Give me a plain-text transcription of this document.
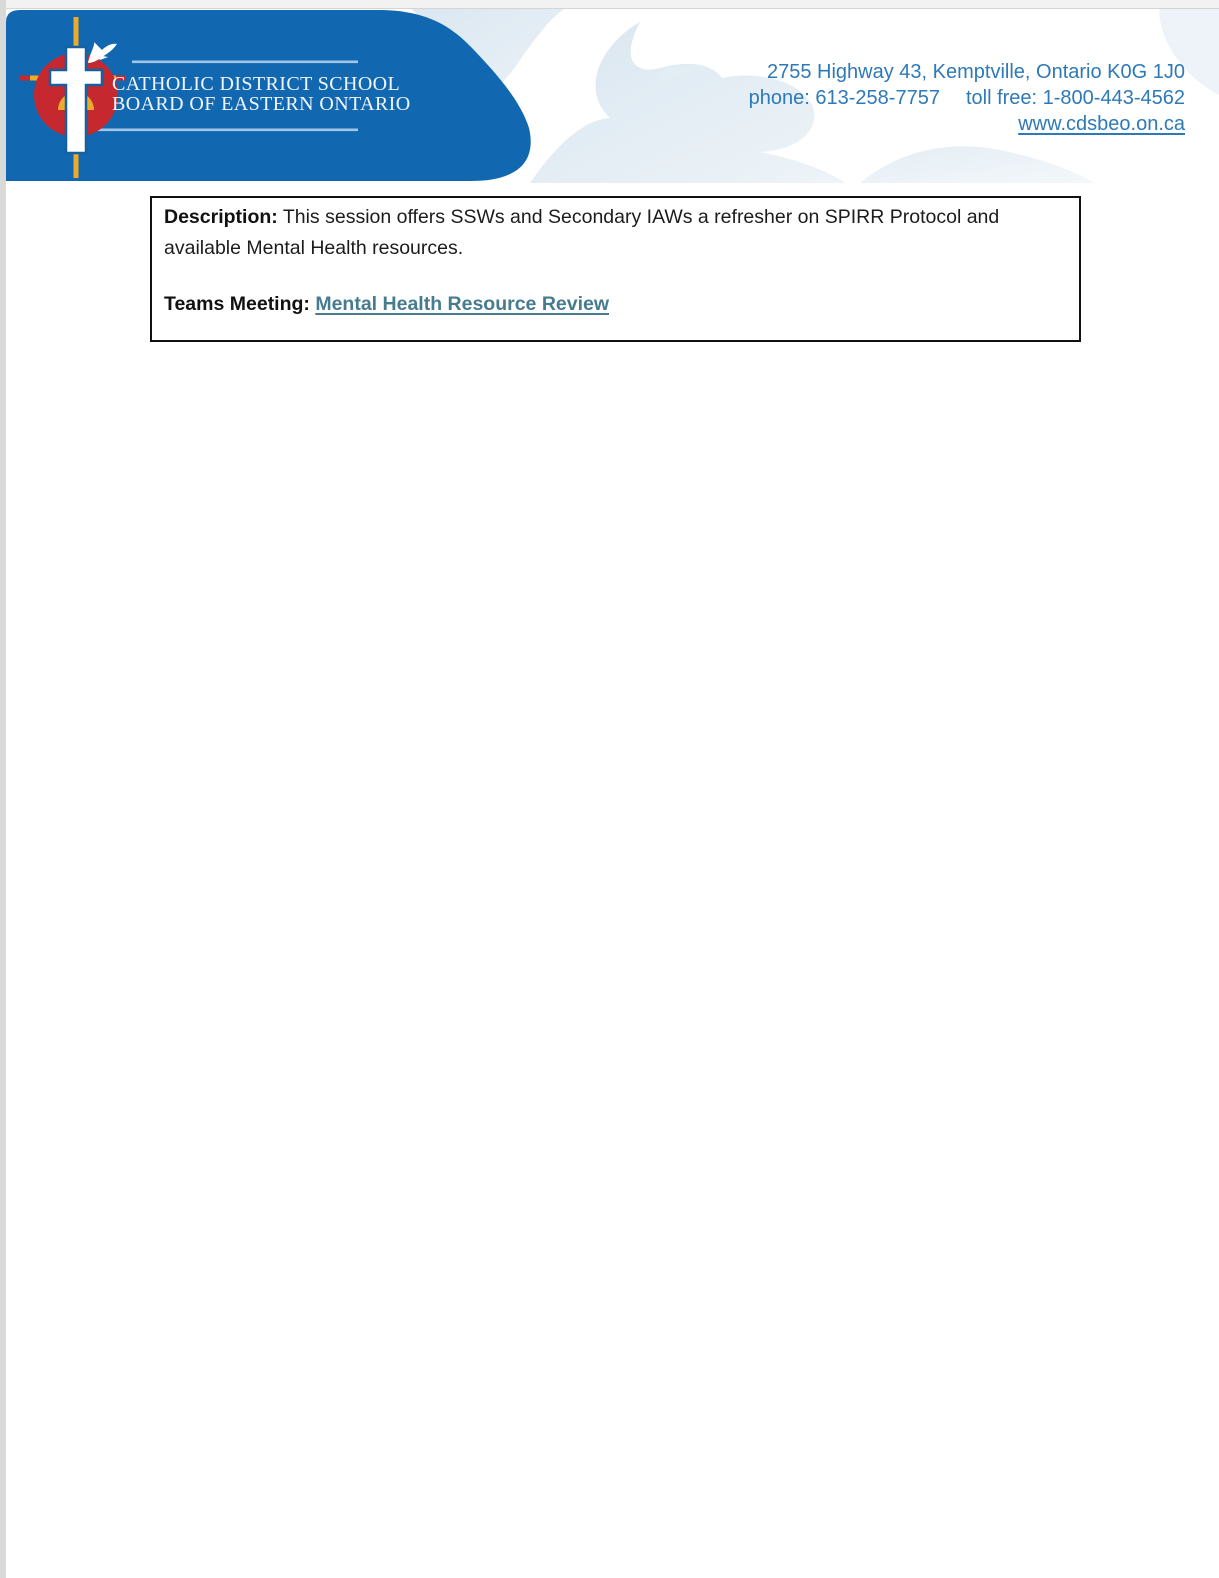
CATHOLIC DISTRICT SCHOOL
BOARD OF EASTERN ONTARIO
2755 Highway 43, Kemptville, Ontario K0G 1J0
phone: 613-258-7757 toll free: 1-800-443-4562
www.cdsbeo.on.ca

Description: This session offers SSWs and Secondary IAWs a refresher on SPIRR Protocol and available Mental Health resources.

Teams Meeting: Mental Health Resource Review
